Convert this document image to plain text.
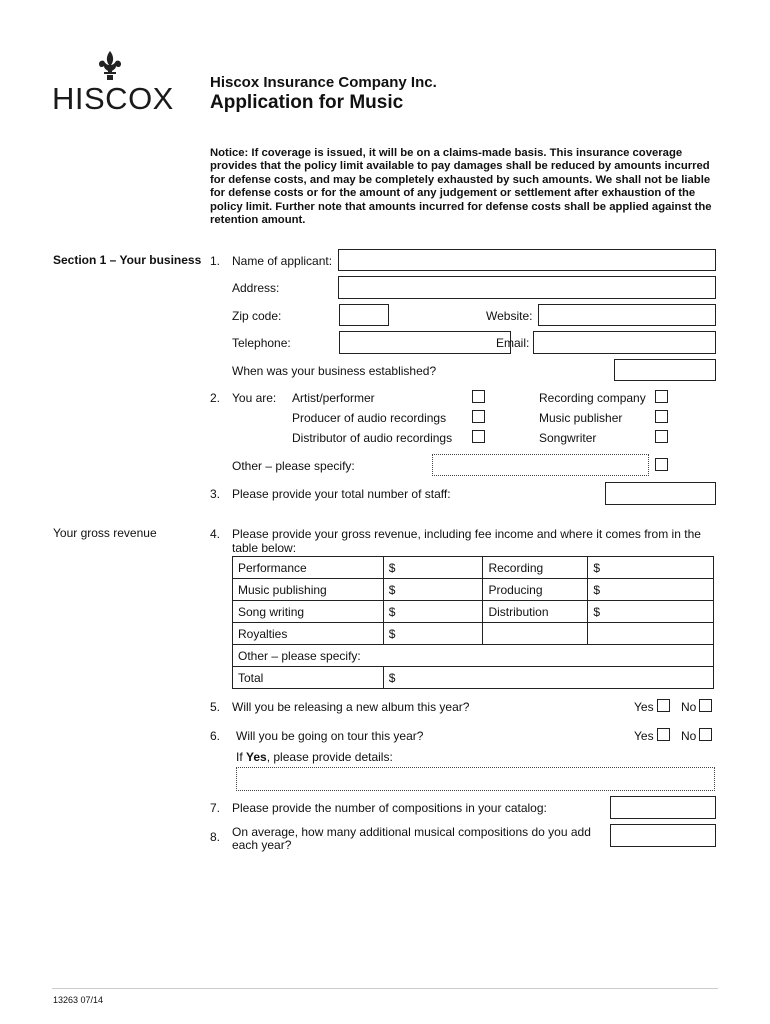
HISCOX Hiscox Insurance Company Inc.
Application for Music
Notice: If coverage is issued, it will be on a claims-made basis. This insurance coverage provides that the policy limit available to pay damages shall be reduced by amounts incurred for defense costs, and may be completely exhausted by such amounts. We shall not be liable for defense costs or for the amount of any judgement or settlement after exhaustion of the policy limit. Further note that amounts incurred for defense costs shall be applied against the retention amount.
Section 1 – Your business 1. Name of applicant:
Address:
Zip code:	Website:
Telephone:	Email:
When was your business established?
2. You are: Artist/performer
Producer of audio recordings
Distributor of audio recordings
Recording company
Music publisher
Songwriter
Other – please specify:
3. Please provide your total number of staff:
Your gross revenue	4. Please provide your gross revenue, including fee income and where it comes from in the table below:
Performance	$	Recording	$
Music publishing	$	Producing	$
Song writing	$	Distribution	$
Royalties	$		
Other – please specify:			
Total	$		
5. Will you be releasing a new album this year?	Yes No
6. Will you be going on tour this year?	Yes No
If Yes, please provide details:
7. Please provide the number of compositions in your catalog:
8. On average, how many additional musical compositions do you add each year?
13263 07/14
